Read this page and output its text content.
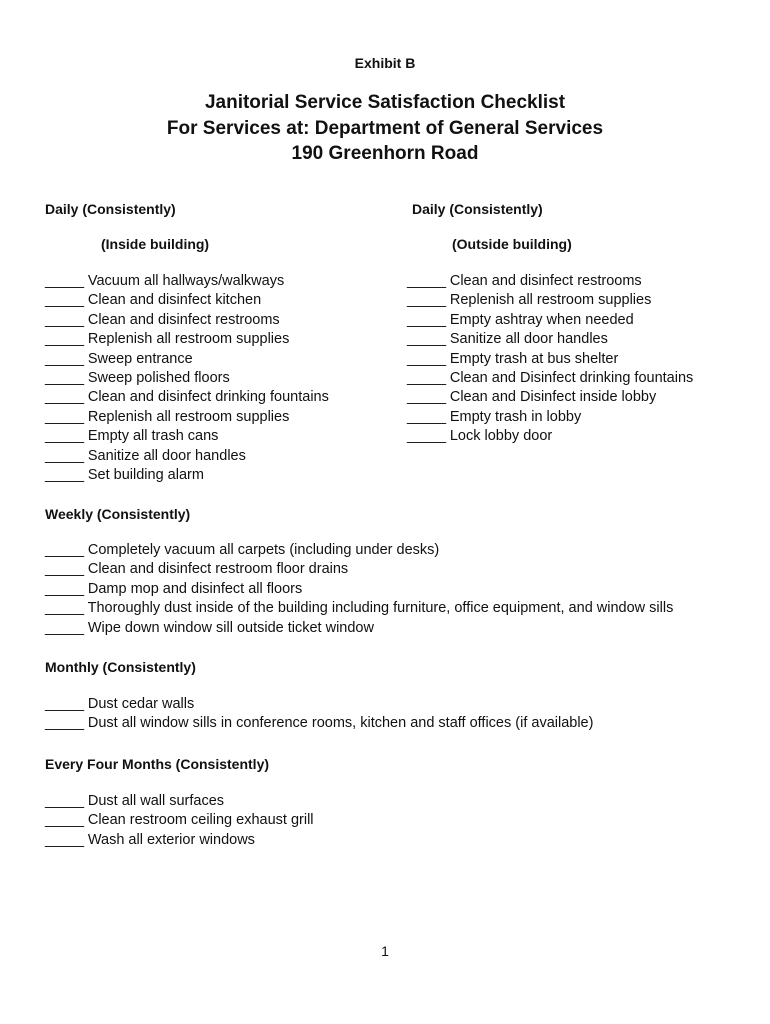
Exhibit B
Janitorial Service Satisfaction Checklist
For Services at: Department of General Services
190 Greenhorn Road
Daily (Consistently)
(Inside building)
_____ Vacuum all hallways/walkways
_____ Clean and disinfect kitchen
_____ Clean and disinfect restrooms
_____ Replenish all restroom supplies
_____ Sweep entrance
_____ Sweep polished floors
_____ Clean and disinfect drinking fountains
_____ Replenish all restroom supplies
_____ Empty all trash cans
_____ Sanitize all door handles
_____ Set building alarm
Daily (Consistently)
(Outside building)
_____ Clean and disinfect restrooms
_____ Replenish all restroom supplies
_____ Empty ashtray when needed
_____ Sanitize all door handles
_____ Empty trash at bus shelter
_____ Clean and Disinfect drinking fountains
_____ Clean and Disinfect inside lobby
_____ Empty trash in lobby
_____ Lock lobby door
Weekly (Consistently)
_____ Completely vacuum all carpets (including under desks)
_____ Clean and disinfect restroom floor drains
_____ Damp mop and disinfect all floors
_____ Thoroughly dust inside of the building including furniture, office equipment, and window sills
_____ Wipe down window sill outside ticket window
Monthly (Consistently)
_____ Dust cedar walls
_____ Dust all window sills in conference rooms, kitchen and staff offices (if available)
Every Four Months (Consistently)
_____ Dust all wall surfaces
_____ Clean restroom ceiling exhaust grill
_____ Wash all exterior windows
1
